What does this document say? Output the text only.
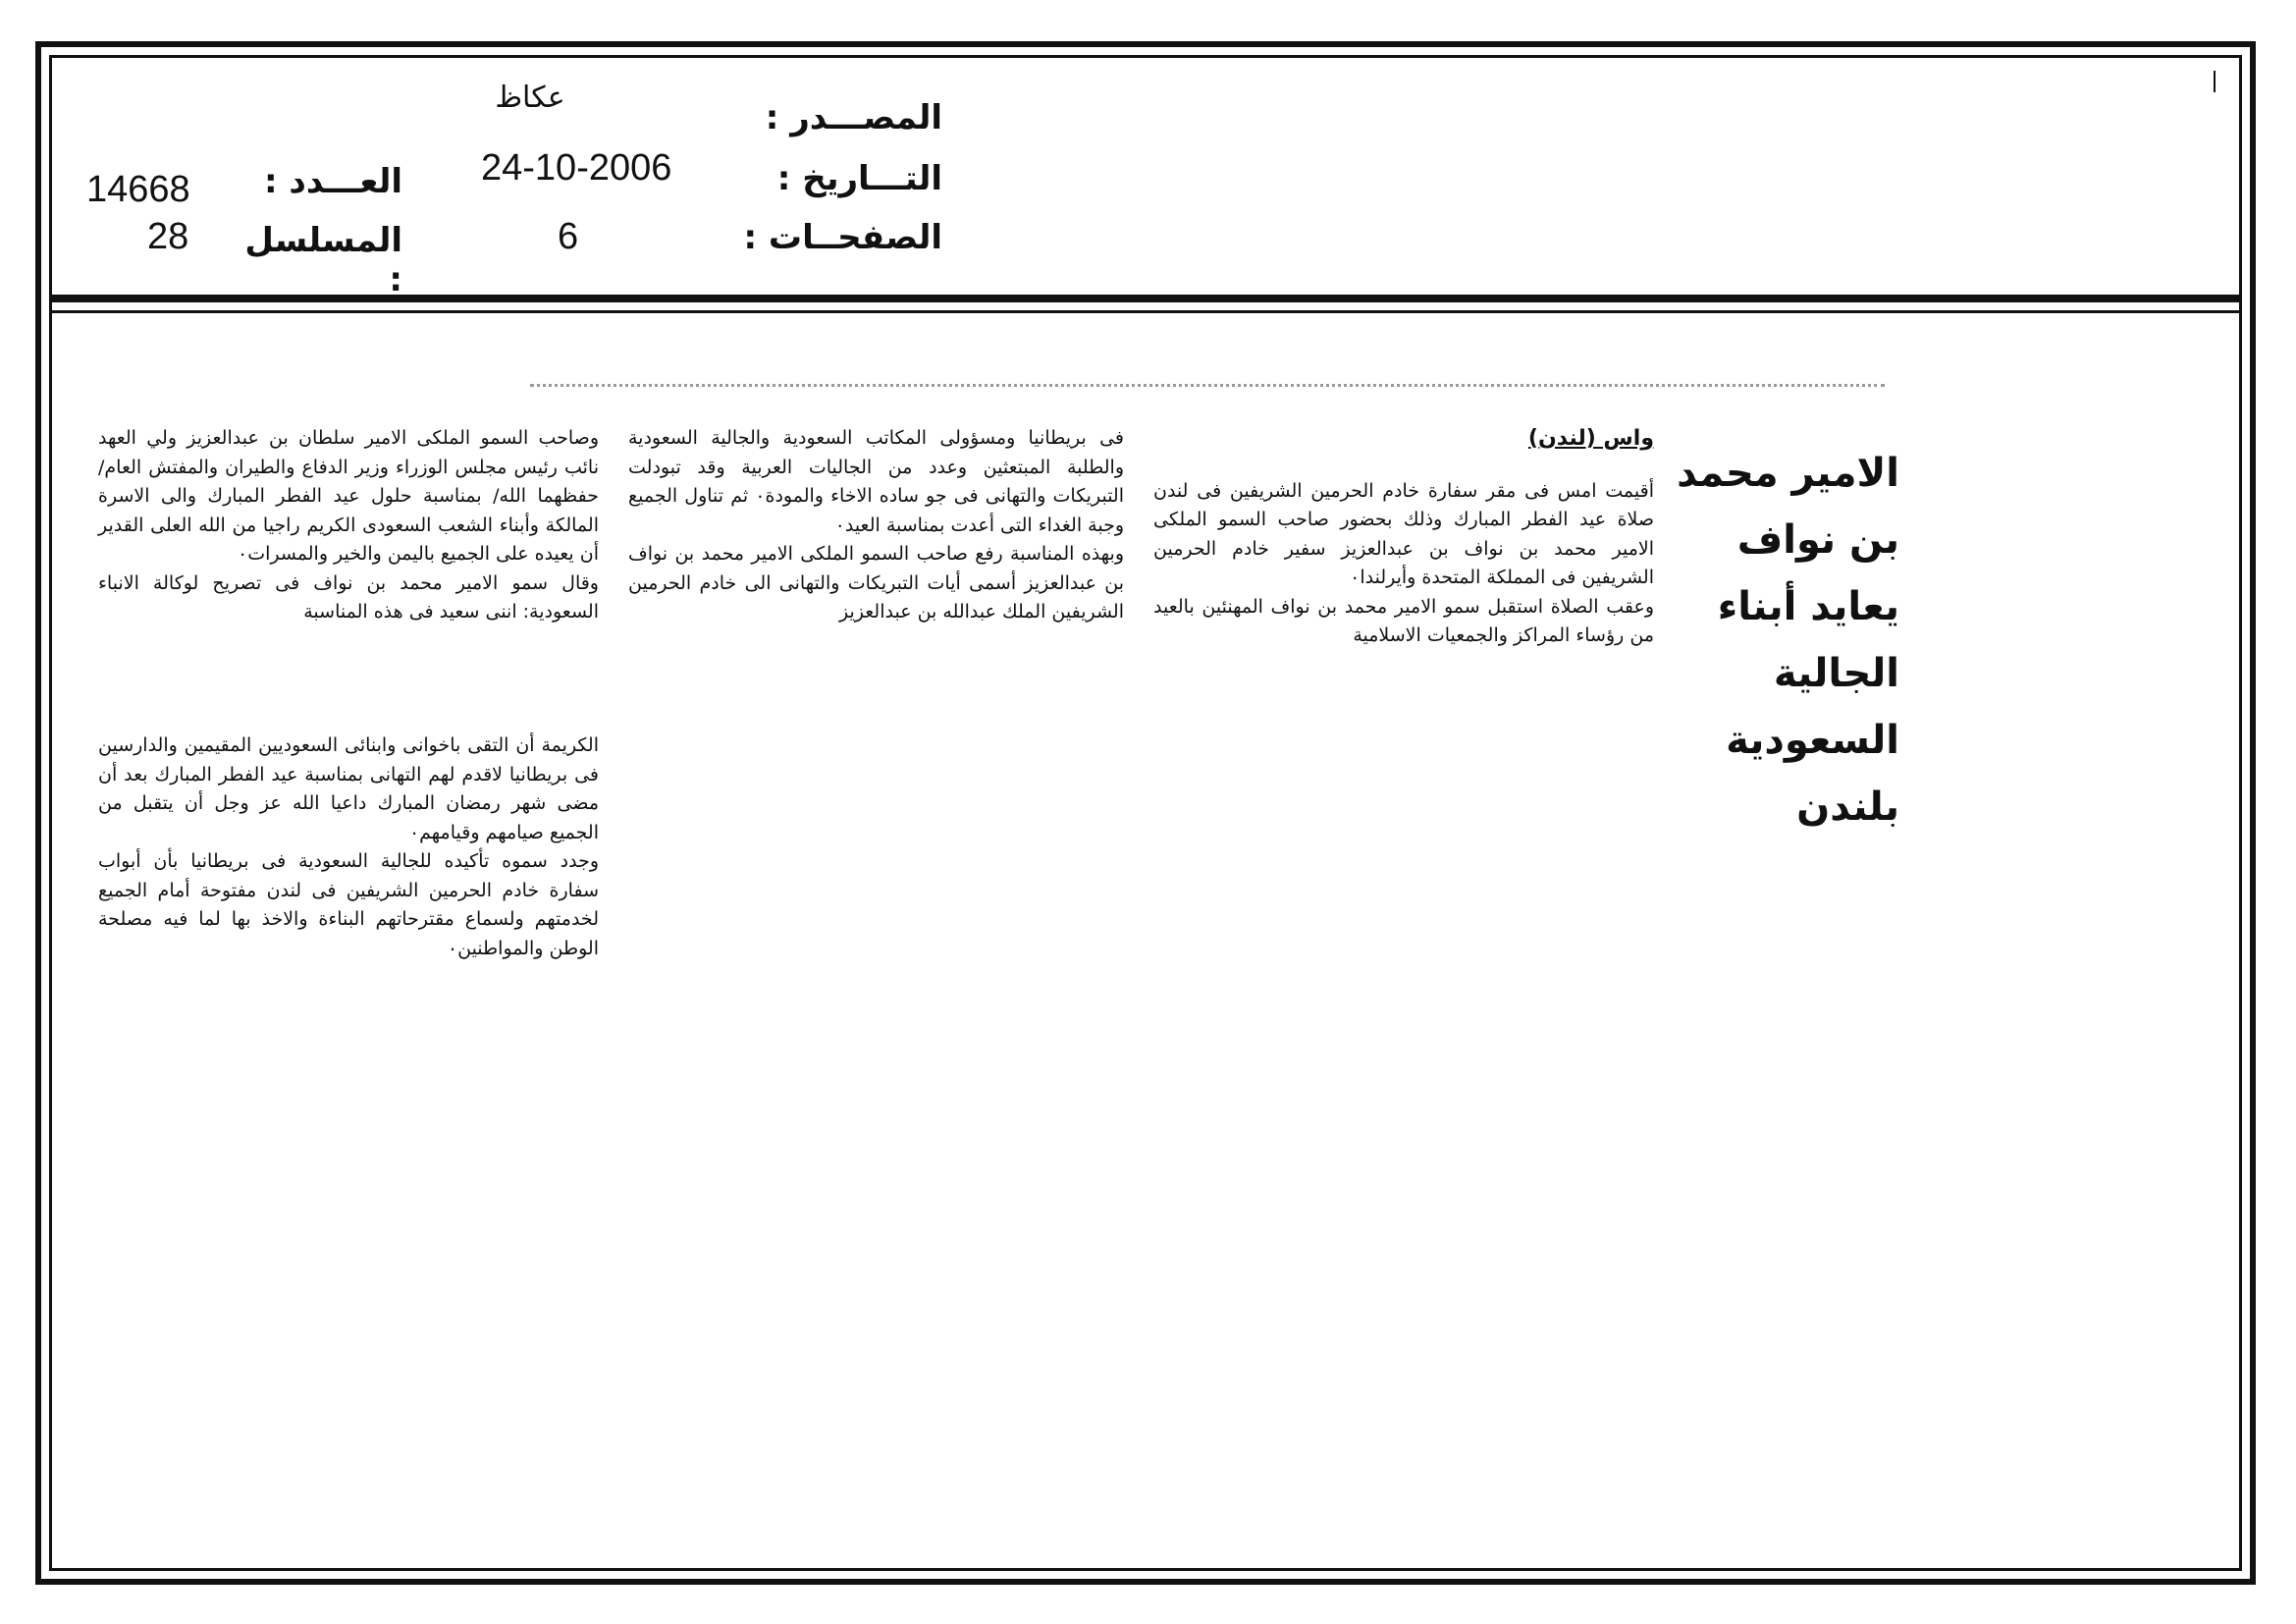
المصـــدر :
عكاظ
التـــاريخ :
24-10-2006
الصفحــات :
6
العـــدد :
14668
المسلسل :
28
الامير محمد بن نواف يعايد أبناء الجالية السعودية بلندن

واس (لندن)

أقيمت امس فى مقر سفارة خادم الحرمين الشريفين فى لندن صلاة عيد الفطر المبارك وذلك بحضور صاحب السمو الملكى الامير محمد بن نواف بن عبدالعزيز سفير خادم الحرمين الشريفين فى المملكة المتحدة وأيرلندا٠

وعقب الصلاة استقبل سمو الامير محمد بن نواف المهنئين بالعيد من رؤساء المراكز والجمعيات الاسلامية

فى بريطانيا ومسؤولى المكاتب السعودية والجالية السعودية والطلبة المبتعثين وعدد من الجاليات العربية وقد تبودلت التبريكات والتهانى فى جو ساده الاخاء والمودة٠ ثم تناول الجميع وجبة الغداء التى أعدت بمناسبة العيد٠

وبهذه المناسبة رفع صاحب السمو الملكى الامير محمد بن نواف بن عبدالعزيز أسمى أيات التبريكات والتهانى الى خادم الحرمين الشريفين الملك عبدالله بن عبدالعزيز

وصاحب السمو الملكى الامير سلطان بن عبدالعزيز ولي العهد نائب رئيس مجلس الوزراء وزير الدفاع والطيران والمفتش العام/ حفظهما الله/ بمناسبة حلول عيد الفطر المبارك والى الاسرة المالكة وأبناء الشعب السعودى الكريم راجيا من الله العلى القدير أن يعيده على الجميع باليمن والخير والمسرات٠

وقال سمو الامير محمد بن نواف فى تصريح لوكالة الانباء السعودية: اننى سعيد فى هذه المناسبة

الكريمة أن التقى باخوانى وابنائى السعوديين المقيمين والدارسين فى بريطانيا لاقدم لهم التهانى بمناسبة عيد الفطر المبارك بعد أن مضى شهر رمضان المبارك داعيا الله عز وجل أن يتقبل من الجميع صيامهم وقيامهم٠

وجدد سموه تأكيده للجالية السعودية فى بريطانيا بأن أبواب سفارة خادم الحرمين الشريفين فى لندن مفتوحة أمام الجميع لخدمتهم ولسماع مقترحاتهم البناءة والاخذ بها لما فيه مصلحة الوطن والمواطنين٠
